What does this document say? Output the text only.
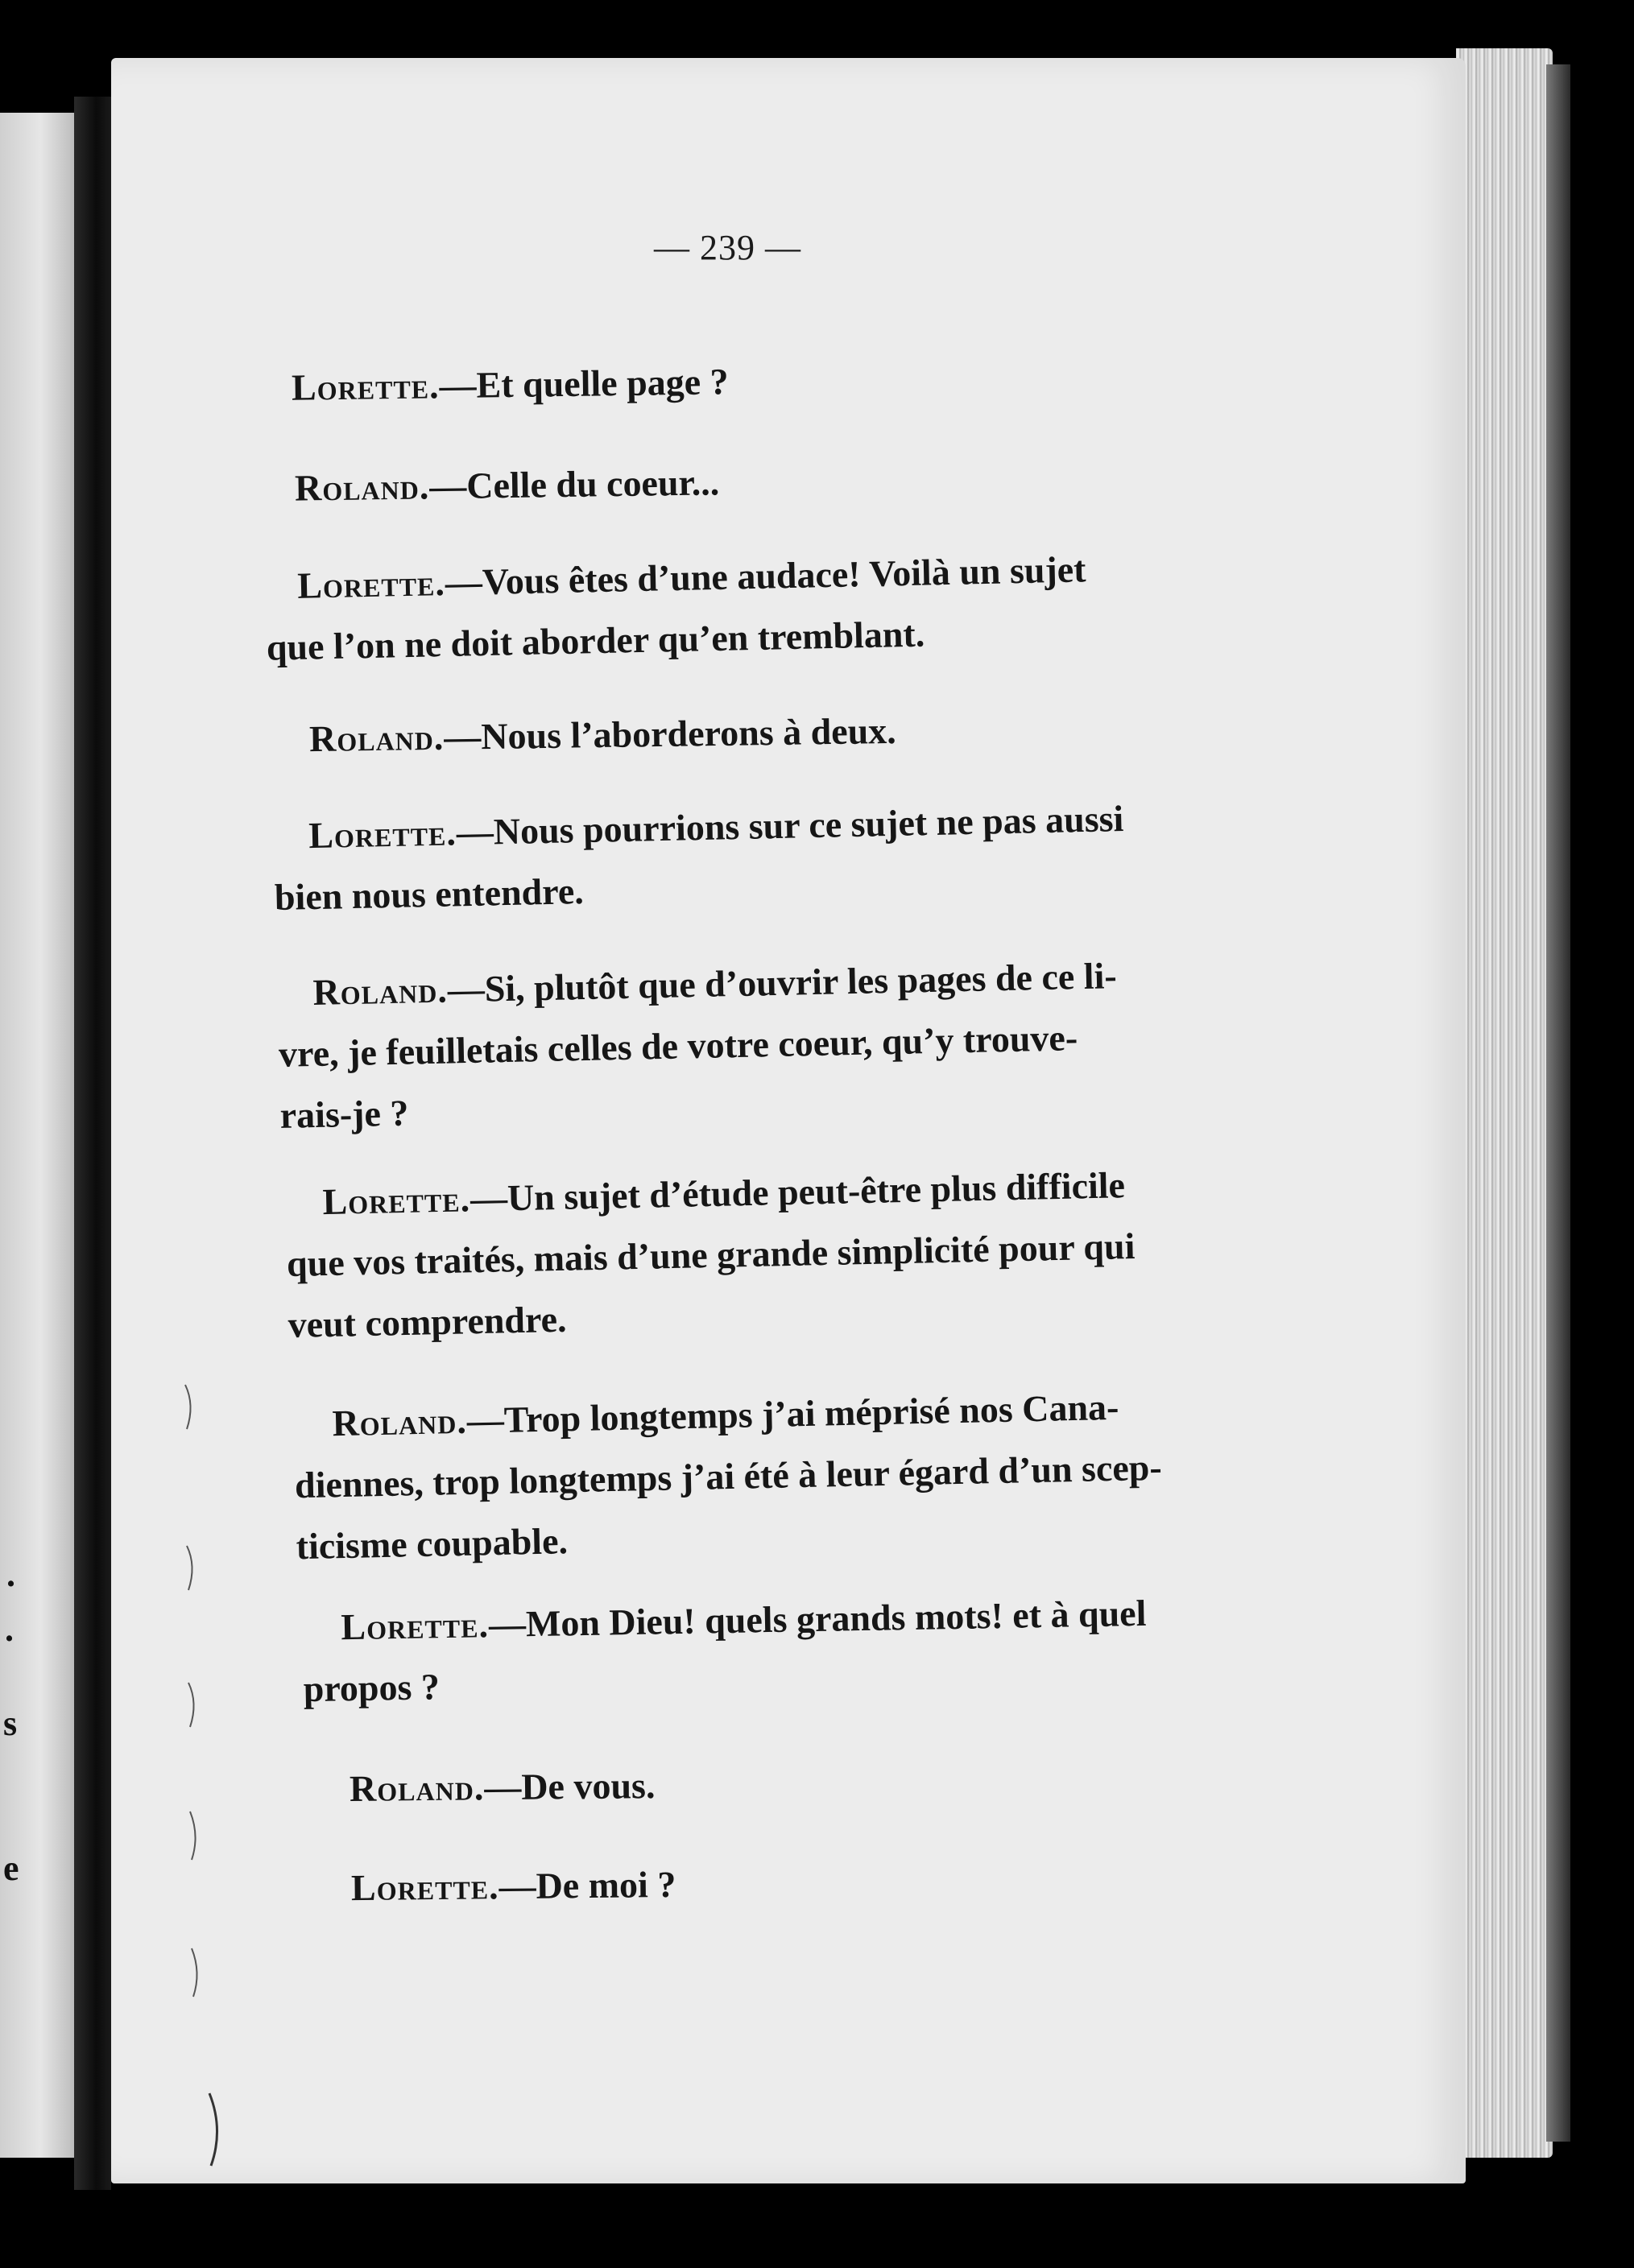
.
.
s
e
— 239 —
Lorette.—Et quelle page ?
Roland.—Celle du coeur...
Lorette.—Vous êtes d’une audace! Voilà un sujet
que l’on ne doit aborder qu’en tremblant.
Roland.—Nous l’aborderons à deux.
Lorette.—Nous pourrions sur ce sujet ne pas aussi
bien nous entendre.
Roland.—Si, plutôt que d’ouvrir les pages de ce li-
vre, je feuilletais celles de votre coeur, qu’y trouve-
rais-je ?
Lorette.—Un sujet d’étude peut-être plus difficile
que vos traités, mais d’une grande simplicité pour qui
veut comprendre.
Roland.—Trop longtemps j’ai méprisé nos Cana-
diennes, trop longtemps j’ai été à leur égard d’un scep-
ticisme coupable.
Lorette.—Mon Dieu! quels grands mots! et à quel
propos ?
Roland.—De vous.
Lorette.—De moi ?
